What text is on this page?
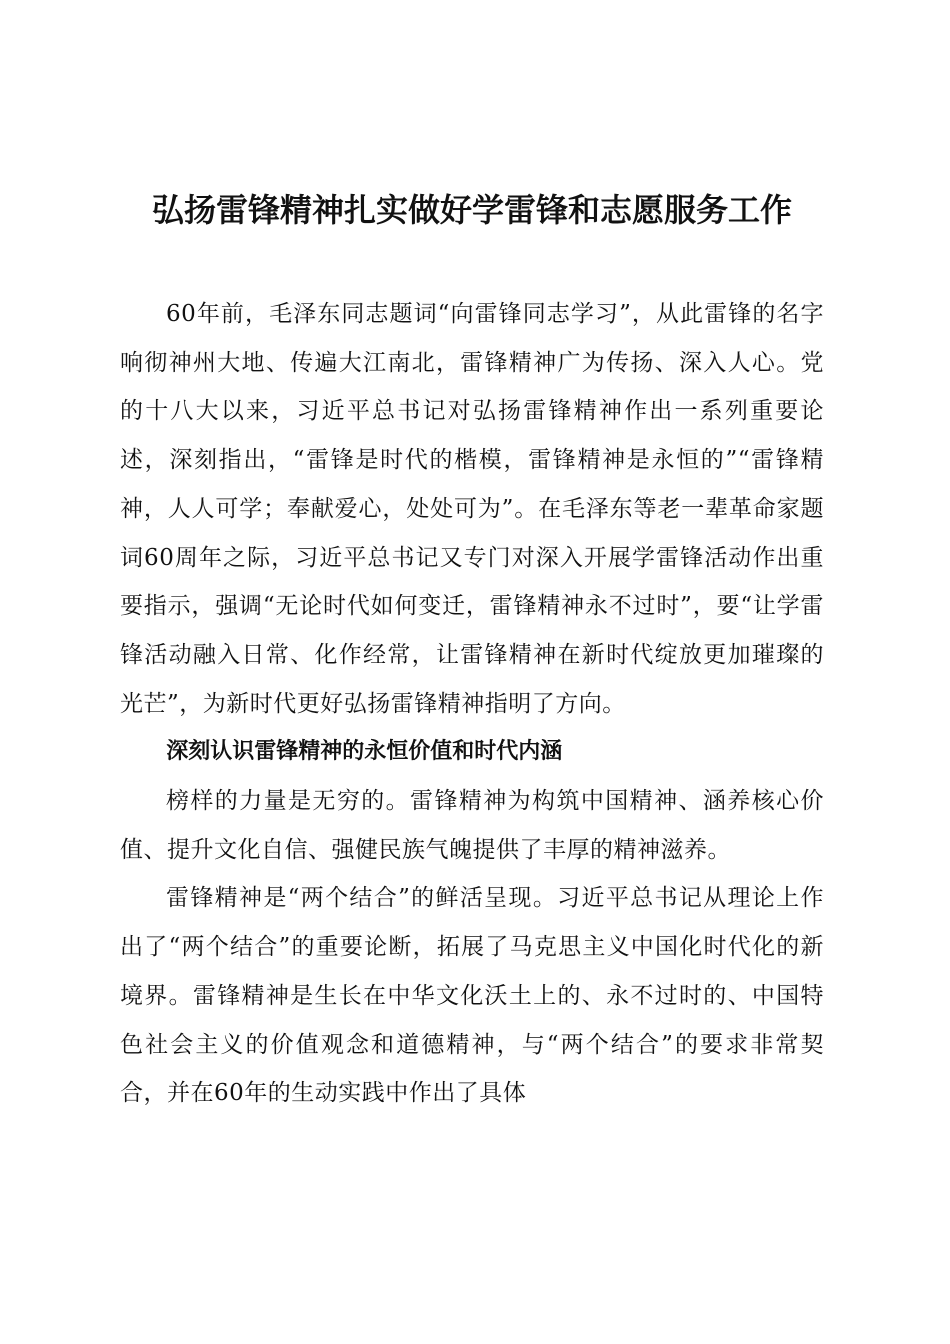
弘扬雷锋精神扎实做好学雷锋和志愿服务工作

60年前，毛泽东同志题词“向雷锋同志学习”，从此雷锋的名字响彻神州大地、传遍大江南北，雷锋精神广为传扬、深入人心。党的十八大以来，习近平总书记对弘扬雷锋精神作出一系列重要论述，深刻指出，“雷锋是时代的楷模，雷锋精神是永恒的”“雷锋精神，人人可学；奉献爱心，处处可为”。在毛泽东等老一辈革命家题词60周年之际，习近平总书记又专门对深入开展学雷锋活动作出重要指示，强调“无论时代如何变迁，雷锋精神永不过时”，要“让学雷锋活动融入日常、化作经常，让雷锋精神在新时代绽放更加璀璨的光芒”，为新时代更好弘扬雷锋精神指明了方向。

深刻认识雷锋精神的永恒价值和时代内涵

榜样的力量是无穷的。雷锋精神为构筑中国精神、涵养核心价值、提升文化自信、强健民族气魄提供了丰厚的精神滋养。

雷锋精神是“两个结合”的鲜活呈现。习近平总书记从理论上作出了“两个结合”的重要论断，拓展了马克思主义中国化时代化的新境界。雷锋精神是生长在中华文化沃土上的、永不过时的、中国特色社会主义的价值观念和道德精神，与“两个结合”的要求非常契合，并在60年的生动实践中作出了具体
